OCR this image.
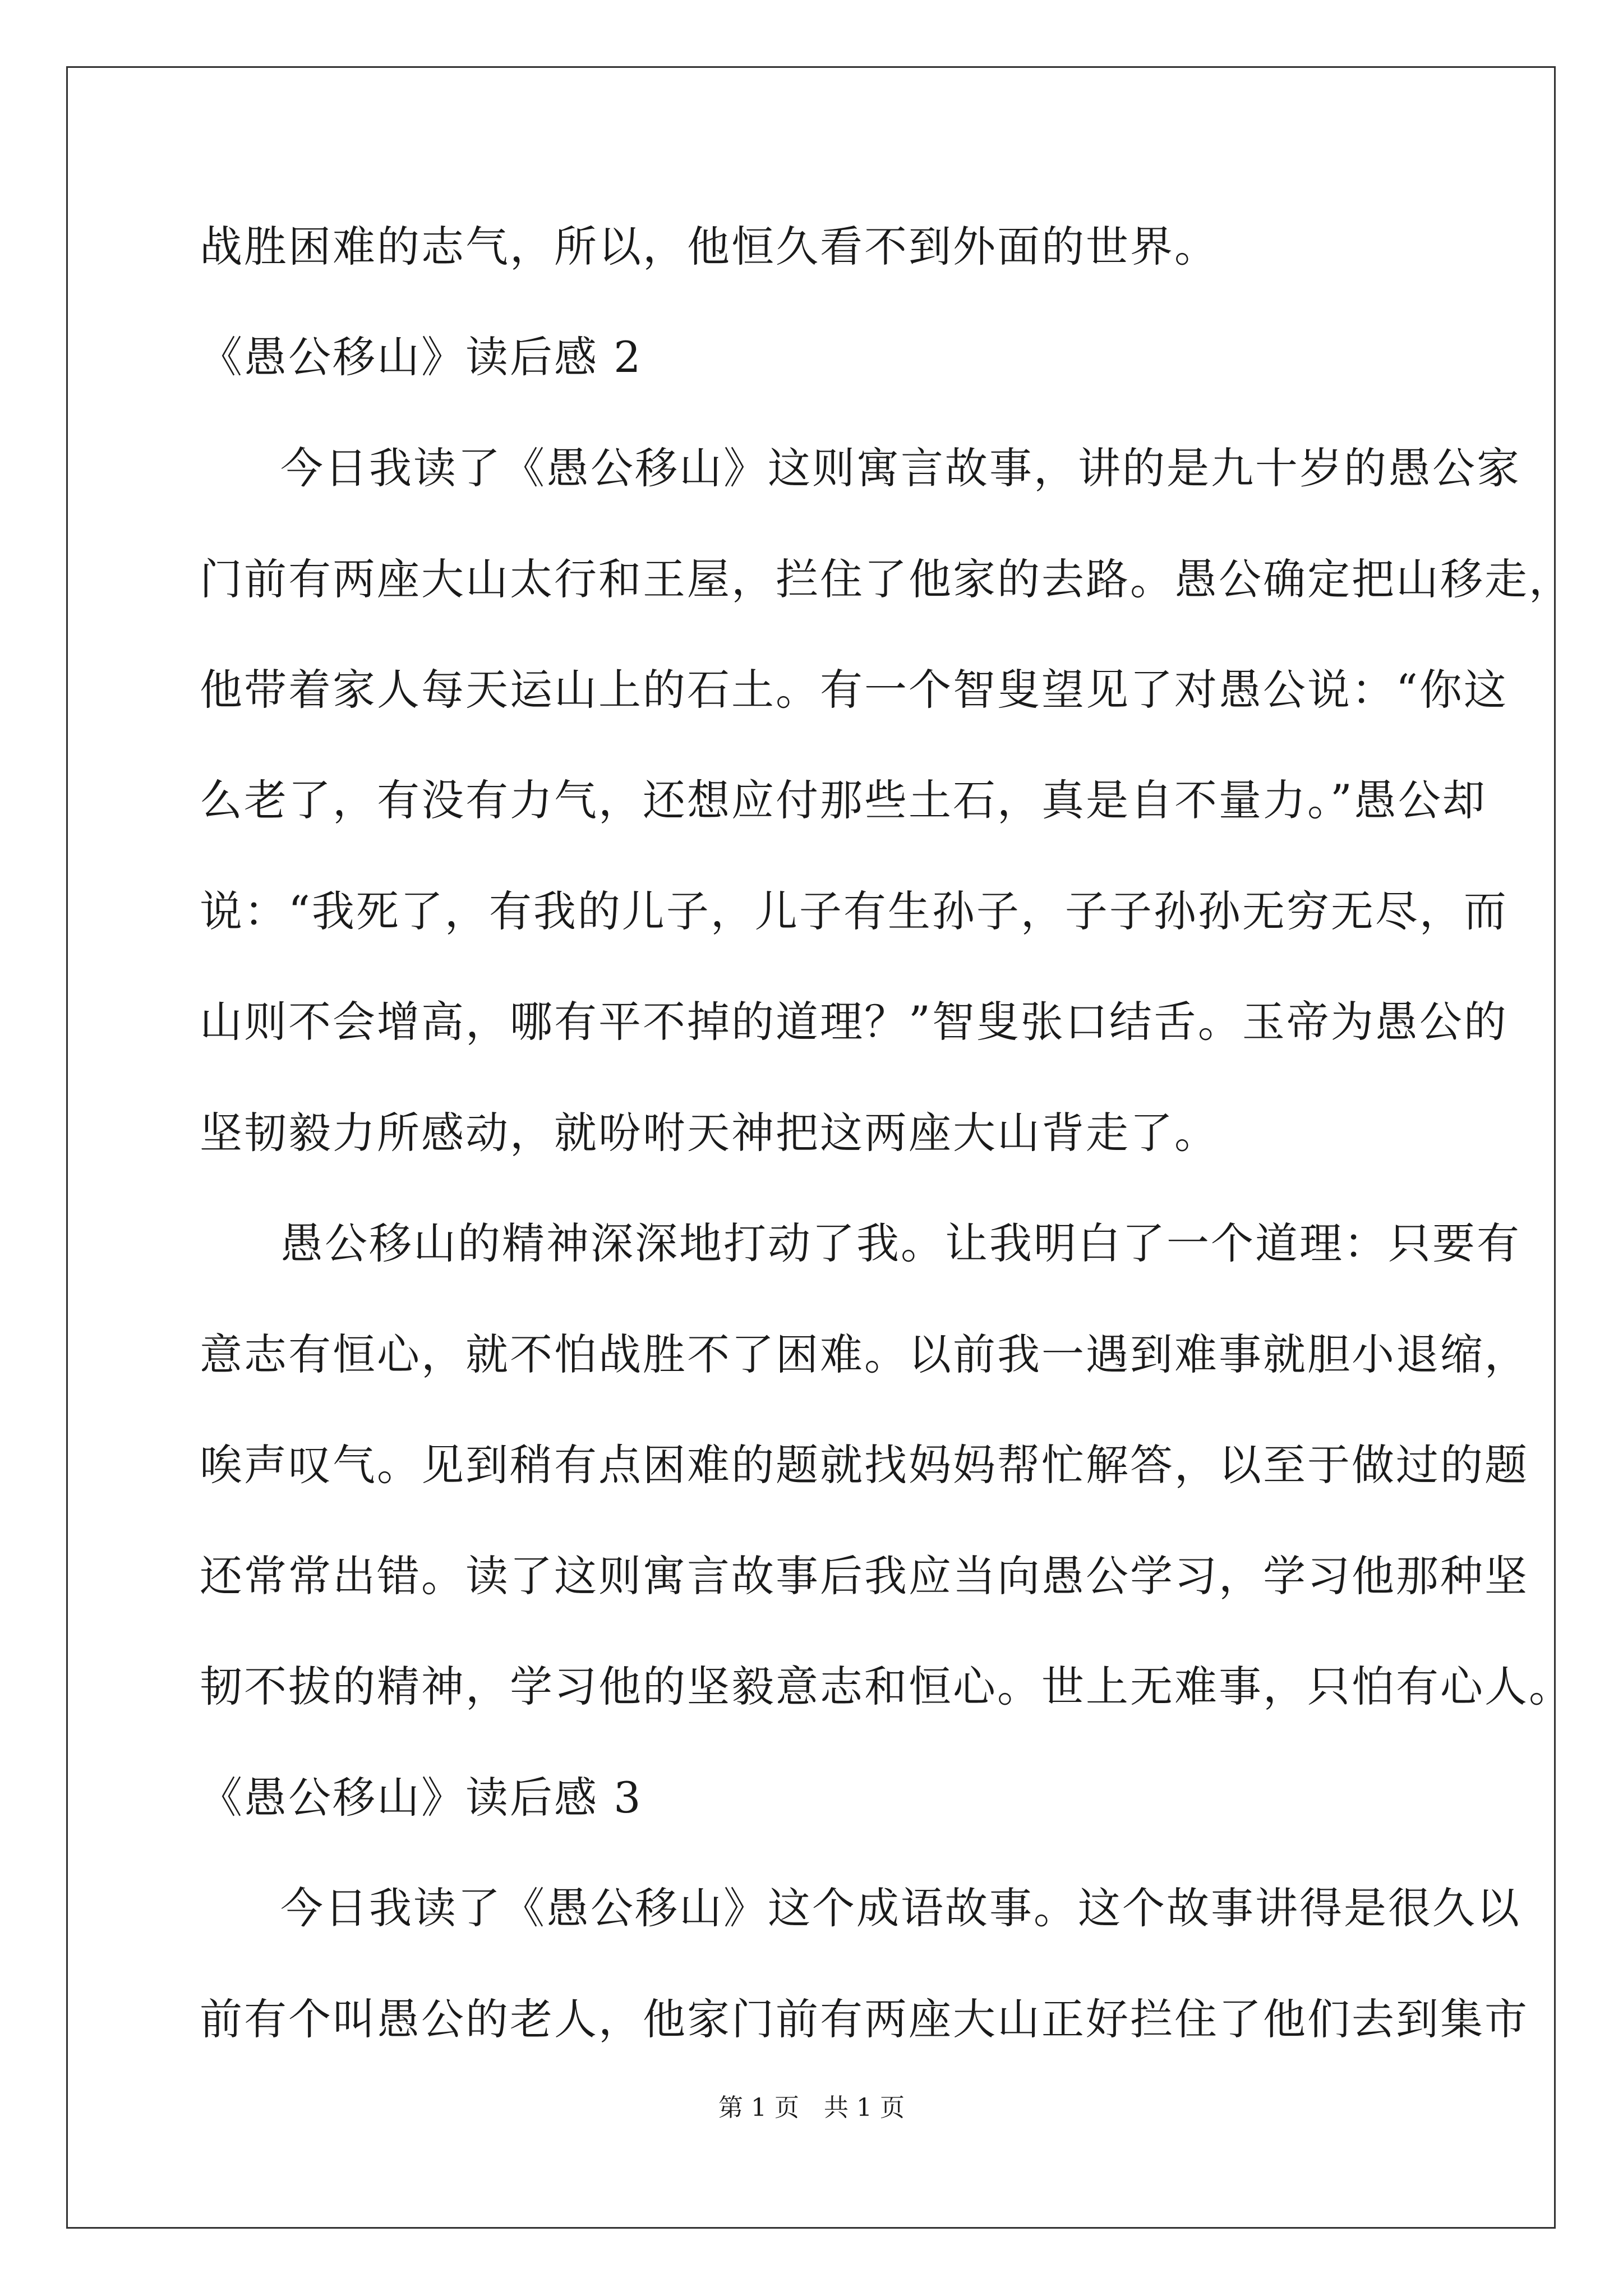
战胜困难的志气，所以，他恒久看不到外面的世界。
《愚公移山》读后感 2
今日我读了《愚公移山》这则寓言故事，讲的是九十岁的愚公家
门前有两座大山太行和王屋，拦住了他家的去路。愚公确定把山移走，
他带着家人每天运山上的石土。有一个智叟望见了对愚公说：“你这
么老了，有没有力气，还想应付那些土石，真是自不量力。”愚公却
说：“我死了，有我的儿子，儿子有生孙子，子子孙孙无穷无尽，而
山则不会增高，哪有平不掉的道理？”智叟张口结舌。玉帝为愚公的
坚韧毅力所感动，就吩咐天神把这两座大山背走了。
愚公移山的精神深深地打动了我。让我明白了一个道理：只要有
意志有恒心，就不怕战胜不了困难。以前我一遇到难事就胆小退缩，
唉声叹气。见到稍有点困难的题就找妈妈帮忙解答，以至于做过的题
还常常出错。读了这则寓言故事后我应当向愚公学习，学习他那种坚
韧不拔的精神，学习他的坚毅意志和恒心。世上无难事，只怕有心人。
《愚公移山》读后感 3
今日我读了《愚公移山》这个成语故事。这个故事讲得是很久以
前有个叫愚公的老人，他家门前有两座大山正好拦住了他们去到集市
第 1 页　共 1 页
